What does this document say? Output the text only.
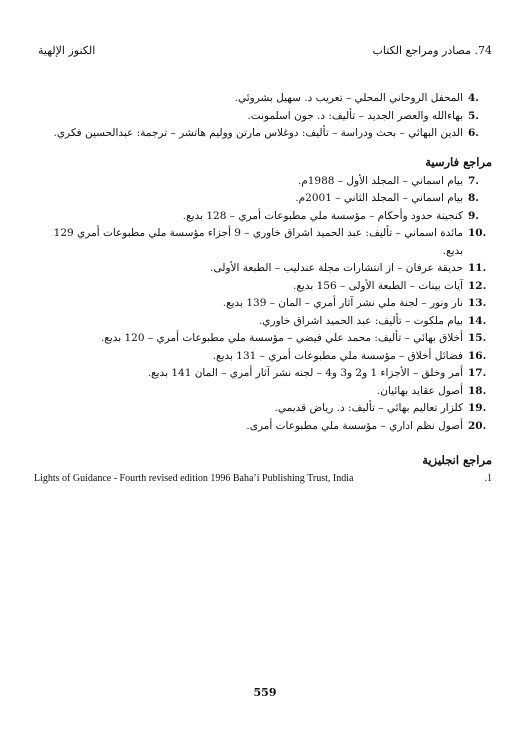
74. مصادر ومراجع الكتاب
الكنوز الإلهية
4.
المحفل الروحاني المحلي – تعريب د. سهيل بشروئي.
5.
بهاءالله والعصر الجديد – تأليف: د. جون اسلمونت.
6.
الدين البهائي – بحث ودراسة – تأليف: دوغلاس مارتن ووليم هاتشر – ترجمة: عبدالحسين فكري.
مراجع فارسية
7.
بيام اسماني – المجلد الأول – 1988م.
8.
بيام اسماني – المجلد الثاني – 2001م.
9.
كنجينة حدود وأحكام – مؤسسة ملي مطبوعات أمري – 128 بديع.
10.
مائدة اسماني – تأليف: عبد الحميد اشراق خاوري – 9 أجزاء مؤسسة ملي مطبوعات أمري 129 بديع.
11.
حديقة عرفان – از انتشارات مجلة عندليب – الطبعة الأولى.
12.
آيات بينات – الطبعة الأولى – 156 بديع.
13.
نار ونور – لجنة ملي نشر آثار أمري – المان – 139 بديع.
14.
بيام ملكوت – تأليف: عبد الحميد اشراق خاوري.
15.
أخلاق بهائي – تأليف: محمد علي فيضي – مؤسسة ملي مطبوعات أمري – 120 بديع.
16.
فضائل أخلاق – مؤسسة ملي مطبوعات أمري – 131 بديع.
17.
أمر وخلق – الأجزاء 1 و2 و3 و4 – لجنه نشر آثار أمري – المان 141 بديع.
18.
أصول عقايد بهائيان.
19.
كلزار تعاليم بهائي – تأليف: د. رياض قديمي.
20.
أصول نظم اداري – مؤسسة ملي مطبوعات أمرى.
مراجع انجليزية
Lights of Guidance - Fourth revised edition 1996 Baha’i Publishing Trust, India	.1
559
